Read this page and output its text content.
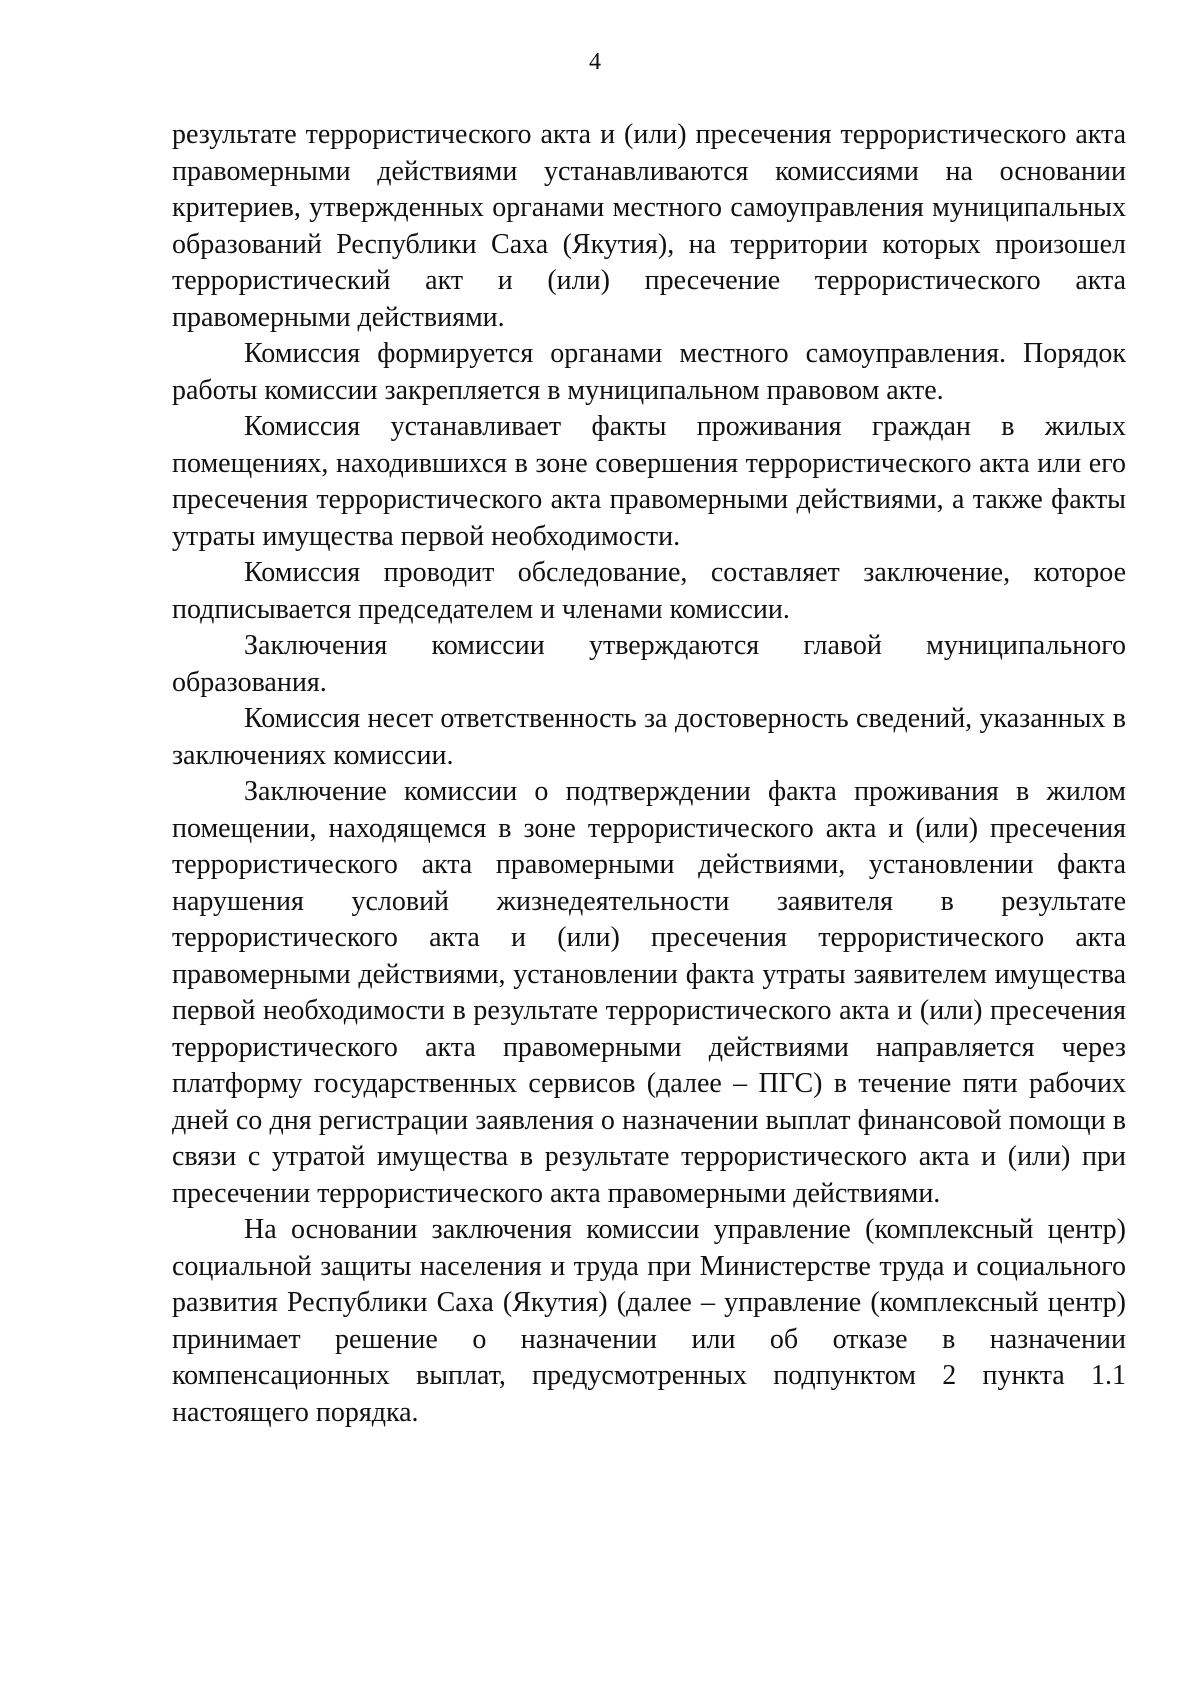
4

результате террористического акта и (или) пресечения террористического акта правомерными действиями устанавливаются комиссиями на основании критериев, утвержденных органами местного самоуправления муниципальных образований Республики Саха (Якутия), на территории которых произошел террористический акт и (или) пресечение террористического акта правомерными действиями.

Комиссия формируется органами местного самоуправления. Порядок работы комиссии закрепляется в муниципальном правовом акте.

Комиссия устанавливает факты проживания граждан в жилых помещениях, находившихся в зоне совершения террористического акта или его пресечения террористического акта правомерными действиями, а также факты утраты имущества первой необходимости.

Комиссия проводит обследование, составляет заключение, которое подписывается председателем и членами комиссии.

Заключения комиссии утверждаются главой муниципального образования.

Комиссия несет ответственность за достоверность сведений, указанных в заключениях комиссии.

Заключение комиссии о подтверждении факта проживания в жилом помещении, находящемся в зоне террористического акта и (или) пресечения террористического акта правомерными действиями, установлении факта нарушения условий жизнедеятельности заявителя в результате террористического акта и (или) пресечения террористического акта правомерными действиями, установлении факта утраты заявителем имущества первой необходимости в результате террористического акта и (или) пресечения террористического акта правомерными действиями направляется через платформу государственных сервисов (далее – ПГС) в течение пяти рабочих дней со дня регистрации заявления о назначении выплат финансовой помощи в связи с утратой имущества в результате террористического акта и (или) при пресечении террористического акта правомерными действиями.

На основании заключения комиссии управление (комплексный центр) социальной защиты населения и труда при Министерстве труда и социального развития Республики Саха (Якутия) (далее – управление (комплексный центр) принимает решение о назначении или об отказе в назначении компенсационных выплат, предусмотренных подпунктом 2 пункта 1.1 настоящего порядка.
